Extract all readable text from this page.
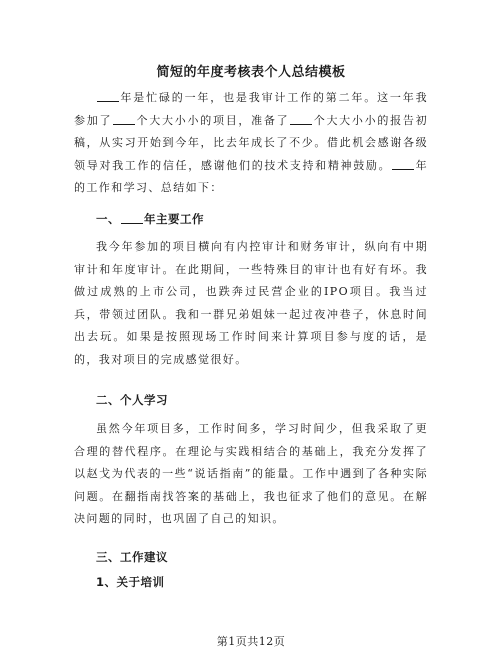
简短的年度考核表个人总结模板
年是忙碌的一年，也是我审计工作的第二年。这一年我参加了 个大大小小的项目，准备了 个大大小小的报告初稿，从实习开始到今年，比去年成长了不少。借此机会感谢各级领导对我工作的信任，感谢他们的技术支持和精神鼓励。 年的工作和学习、总结如下：
一、 年主要工作
我今年参加的项目横向有内控审计和财务审计，纵向有中期审计和年度审计。在此期间，一些特殊目的审计也有好有坏。我做过成熟的上市公司，也跌奔过民营企业的IPO项目。我当过兵，带领过团队。我和一群兄弟姐妹一起过夜冲巷子，休息时间出去玩。如果是按照现场工作时间来计算项目参与度的话，是的，我对项目的完成感觉很好。
二、个人学习
虽然今年项目多，工作时间多，学习时间少，但我采取了更合理的替代程序。在理论与实践相结合的基础上，我充分发挥了以赵戈为代表的一些“说话指南”的能量。工作中遇到了各种实际问题。在翻指南找答案的基础上，我也征求了他们的意见。在解决问题的同时，也巩固了自己的知识。
三、工作建议
1、关于培训
第1页共12页
